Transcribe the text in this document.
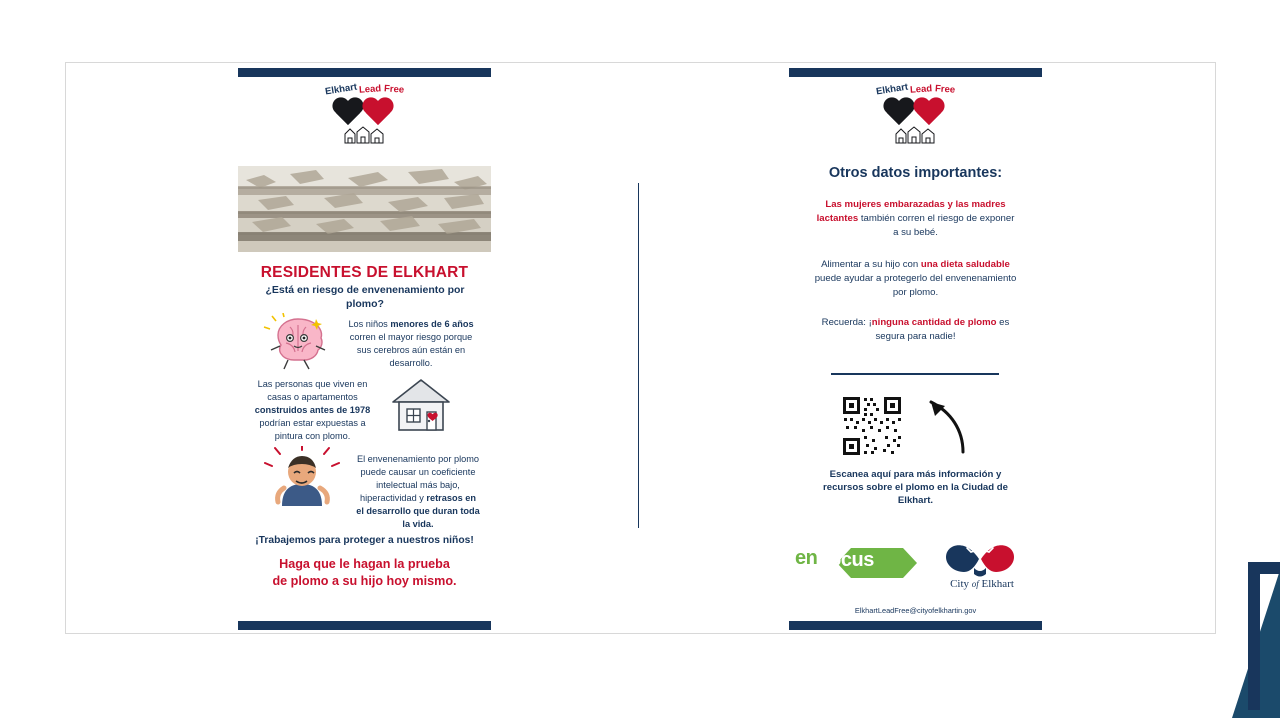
ElkhartLeadFree
RESIDENTES DE ELKHART
¿Está en riesgo de envenenamiento por plomo?
Los niños menores de 6 años corren el mayor riesgo porque sus cerebros aún están en desarrollo.
Las personas que viven en casas o apartamentos construidos antes de 1978 podrían estar expuestas a pintura con plomo.
El envenenamiento por plomo puede causar un coeficiente intelectual más bajo, hiperactividad y retrasos en el desarrollo que duran toda la vida.
¡Trabajemos para proteger a nuestros niños!
Haga que le hagan la prueba
de plomo a su hijo hoy mismo.
ElkhartLeadFree
Otros datos importantes:
Las mujeres embarazadas y las madres lactantes también corren el riesgo de exponer a su bebé.
Alimentar a su hijo con una dieta saludable puede ayudar a protegerlo del envenenamiento por plomo.
Recuerda: ¡ninguna cantidad de plomo es segura para nadie!
Escanea aquí para más información y recursos sobre el plomo en la Ciudad de Elkhart.
en focus
City of Elkhart
ElkhartLeadFree@cityofelkhartin.gov
